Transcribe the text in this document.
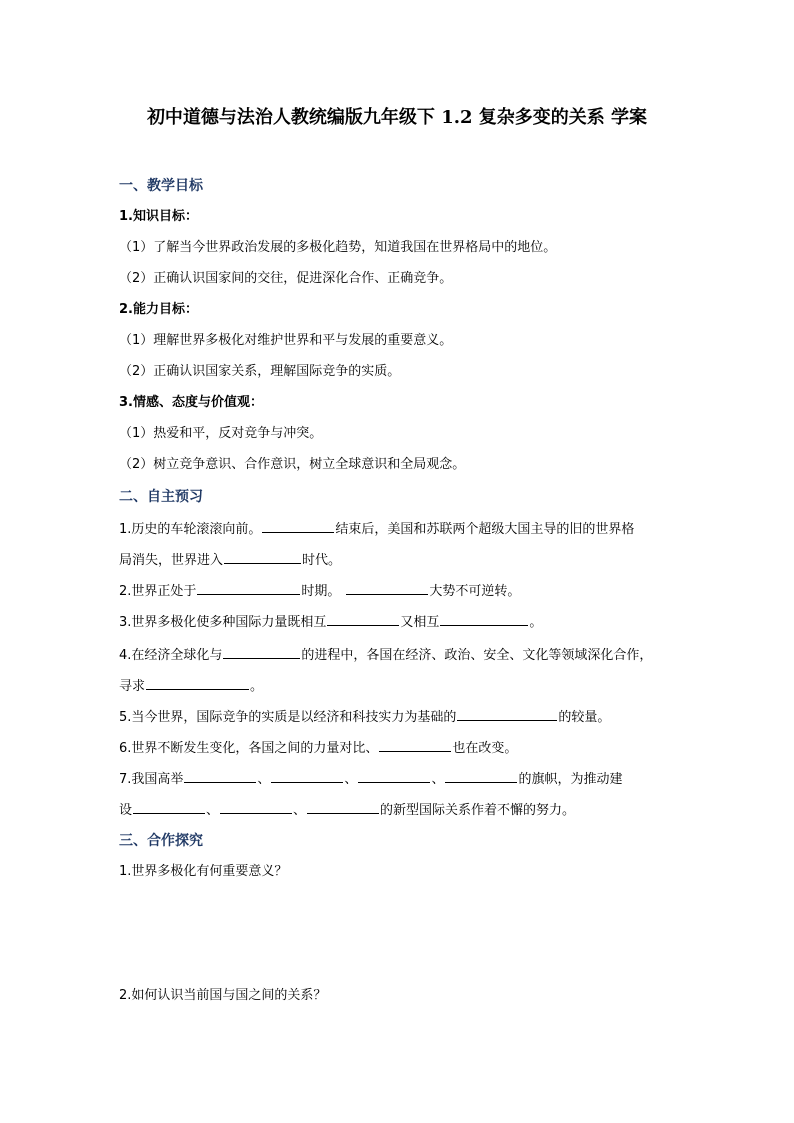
初中道德与法治人教统编版九年级下 1.2 复杂多变的关系 学案
一、教学目标
1.知识目标：
（1）了解当今世界政治发展的多极化趋势，知道我国在世界格局中的地位。
（2）正确认识国家间的交往，促进深化合作、正确竞争。
2.能力目标：
（1）理解世界多极化对维护世界和平与发展的重要意义。
（2）正确认识国家关系，理解国际竞争的实质。
3.情感、态度与价值观：
（1）热爱和平，反对竞争与冲突。
（2）树立竞争意识、合作意识，树立全球意识和全局观念。
二、自主预习
1.历史的车轮滚滚向前。	结束后，美国和苏联两个超级大国主导的旧的世界格
局消失，世界进入	时代。
2.世界正处于	时期。	大势不可逆转。
3.世界多极化使多种国际力量既相互	又相互	。
4.在经济全球化与	的进程中，各国在经济、政治、安全、文化等领域深化合作，
寻求	。
5.当今世界，国际竞争的实质是以经济和科技实力为基础的	的较量。
6.世界不断发生变化，各国之间的力量对比、	也在改变。
7.我国高举	、	、	、	的旗帜，为推动建
设	、	、	的新型国际关系作着不懈的努力。
三、合作探究
1.世界多极化有何重要意义？
2.如何认识当前国与国之间的关系？
